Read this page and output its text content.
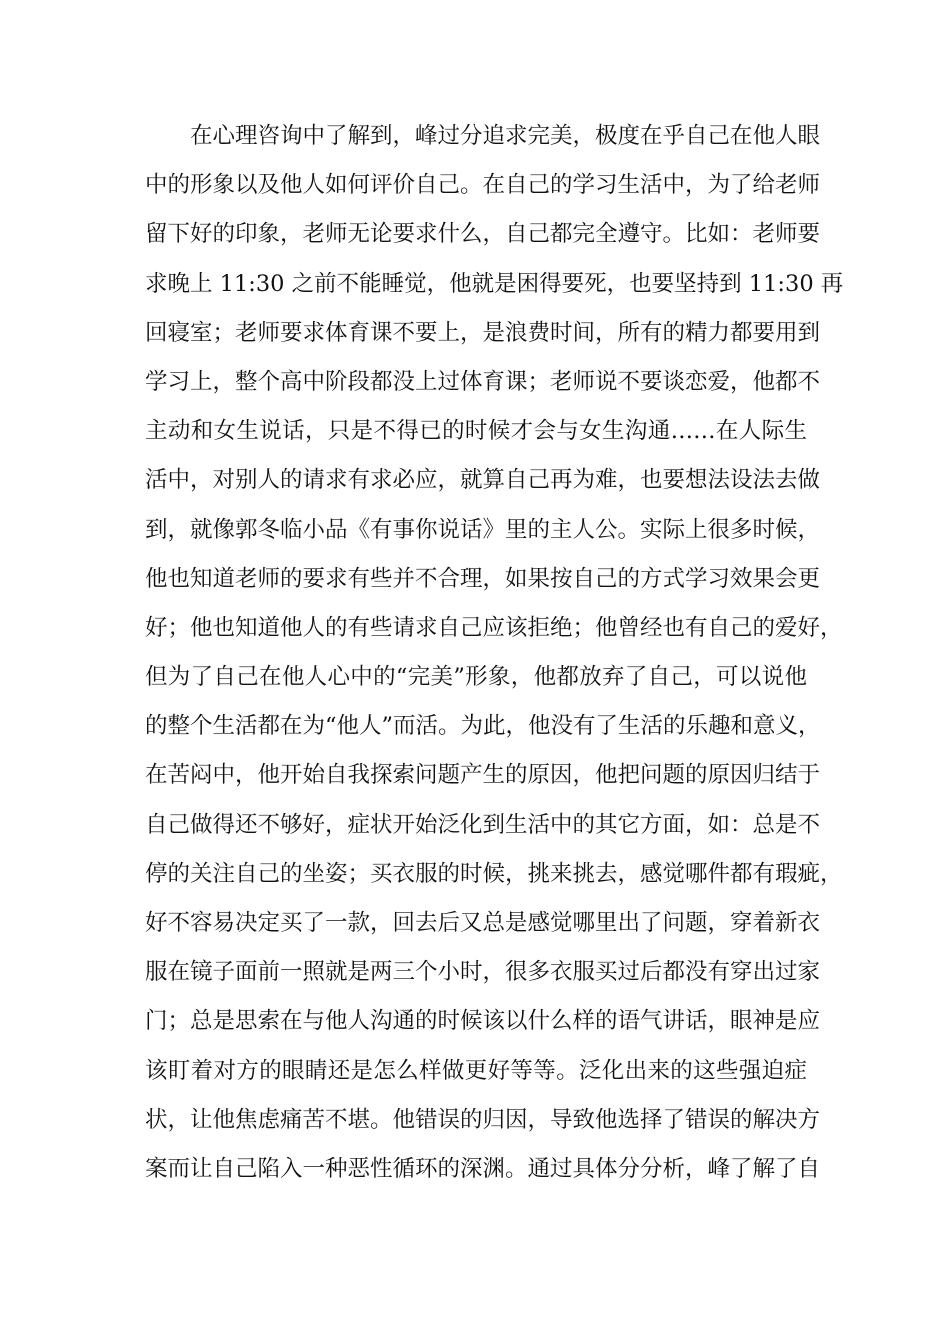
在心理咨询中了解到，峰过分追求完美，极度在乎自己在他人眼
中的形象以及他人如何评价自己。在自己的学习生活中，为了给老师
留下好的印象，老师无论要求什么，自己都完全遵守。比如：老师要
求晚上 11:30 之前不能睡觉，他就是困得要死，也要坚持到 11:30 再
回寝室；老师要求体育课不要上，是浪费时间，所有的精力都要用到
学习上，整个高中阶段都没上过体育课；老师说不要谈恋爱，他都不
主动和女生说话，只是不得已的时候才会与女生沟通……在人际生
活中，对别人的请求有求必应，就算自己再为难，也要想法设法去做
到，就像郭冬临小品《有事你说话》里的主人公。实际上很多时候，
他也知道老师的要求有些并不合理，如果按自己的方式学习效果会更
好；他也知道他人的有些请求自己应该拒绝；他曾经也有自己的爱好，
但为了自己在他人心中的“完美”形象，他都放弃了自己，可以说他
的整个生活都在为“他人”而活。为此，他没有了生活的乐趣和意义，
在苦闷中，他开始自我探索问题产生的原因，他把问题的原因归结于
自己做得还不够好，症状开始泛化到生活中的其它方面，如：总是不
停的关注自己的坐姿；买衣服的时候，挑来挑去，感觉哪件都有瑕疵，
好不容易决定买了一款，回去后又总是感觉哪里出了问题，穿着新衣
服在镜子面前一照就是两三个小时，很多衣服买过后都没有穿出过家
门；总是思索在与他人沟通的时候该以什么样的语气讲话，眼神是应
该盯着对方的眼睛还是怎么样做更好等等。泛化出来的这些强迫症
状，让他焦虑痛苦不堪。他错误的归因，导致他选择了错误的解决方
案而让自己陷入一种恶性循环的深渊。通过具体分分析，峰了解了自
